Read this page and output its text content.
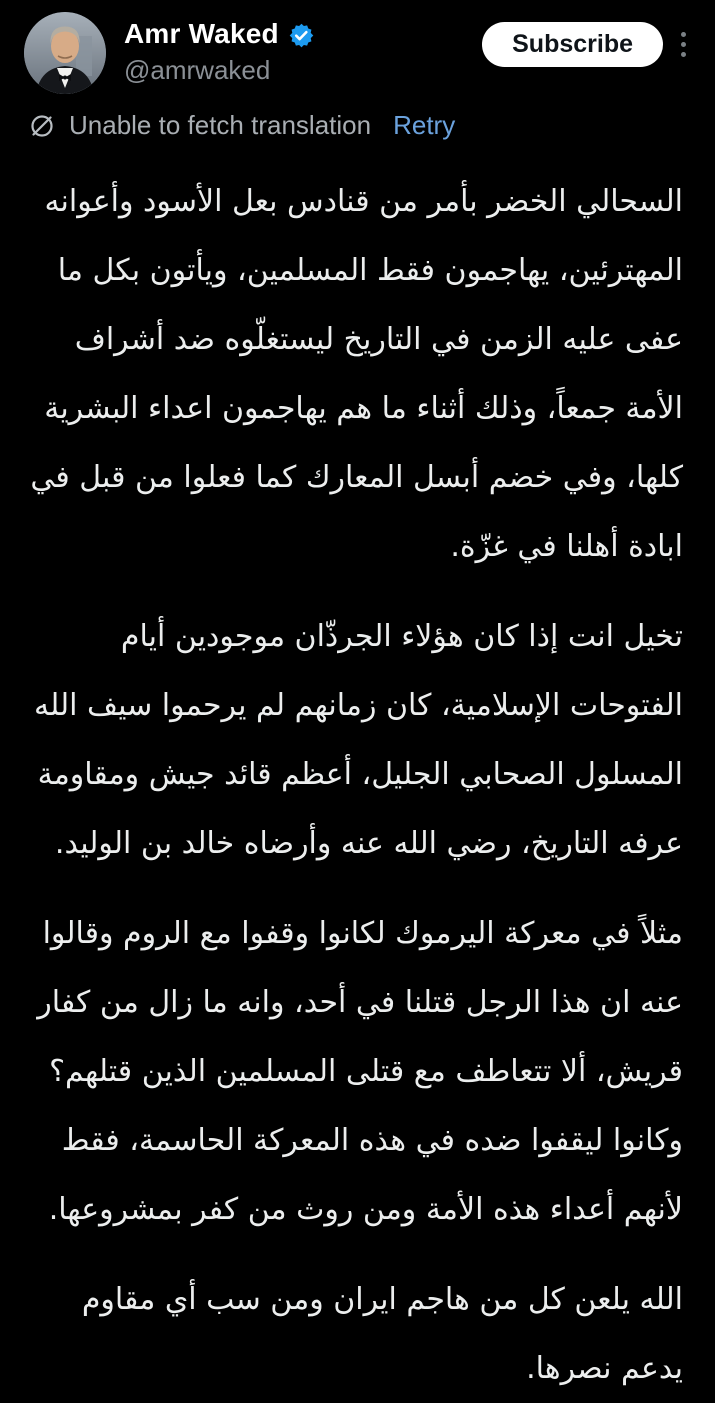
Amr Waked
@amrwaked
Subscribe
Unable to fetch translation Retry

السحالي الخضر بأمر من قنادس بعل الأسود وأعوانه المهترئين، يهاجمون فقط المسلمين، ويأتون بكل ما عفى عليه الزمن في التاريخ ليستغلّوه ضد أشراف الأمة جمعاً، وذلك أثناء ما هم يهاجمون اعداء البشرية كلها، وفي خضم أبسل المعارك كما فعلوا من قبل في ابادة أهلنا في غزّة.

تخيل انت إذا كان هؤلاء الجرذّان موجودين أيام الفتوحات الإسلامية، كان زمانهم لم يرحموا سيف الله المسلول الصحابي الجليل، أعظم قائد جيش ومقاومة عرفه التاريخ، رضي الله عنه وأرضاه خالد بن الوليد.

مثلاً في معركة اليرموك لكانوا وقفوا مع الروم وقالوا عنه ان هذا الرجل قتلنا في أحد، وانه ما زال من كفار قريش، ألا تتعاطف مع قتلى المسلمين الذين قتلهم؟ وكانوا ليقفوا ضده في هذه المعركة الحاسمة، فقط لأنهم أعداء هذه الأمة ومن روث من كفر بمشروعها.

الله يلعن كل من هاجم ايران ومن سب أي مقاوم يدعم نصرها.
